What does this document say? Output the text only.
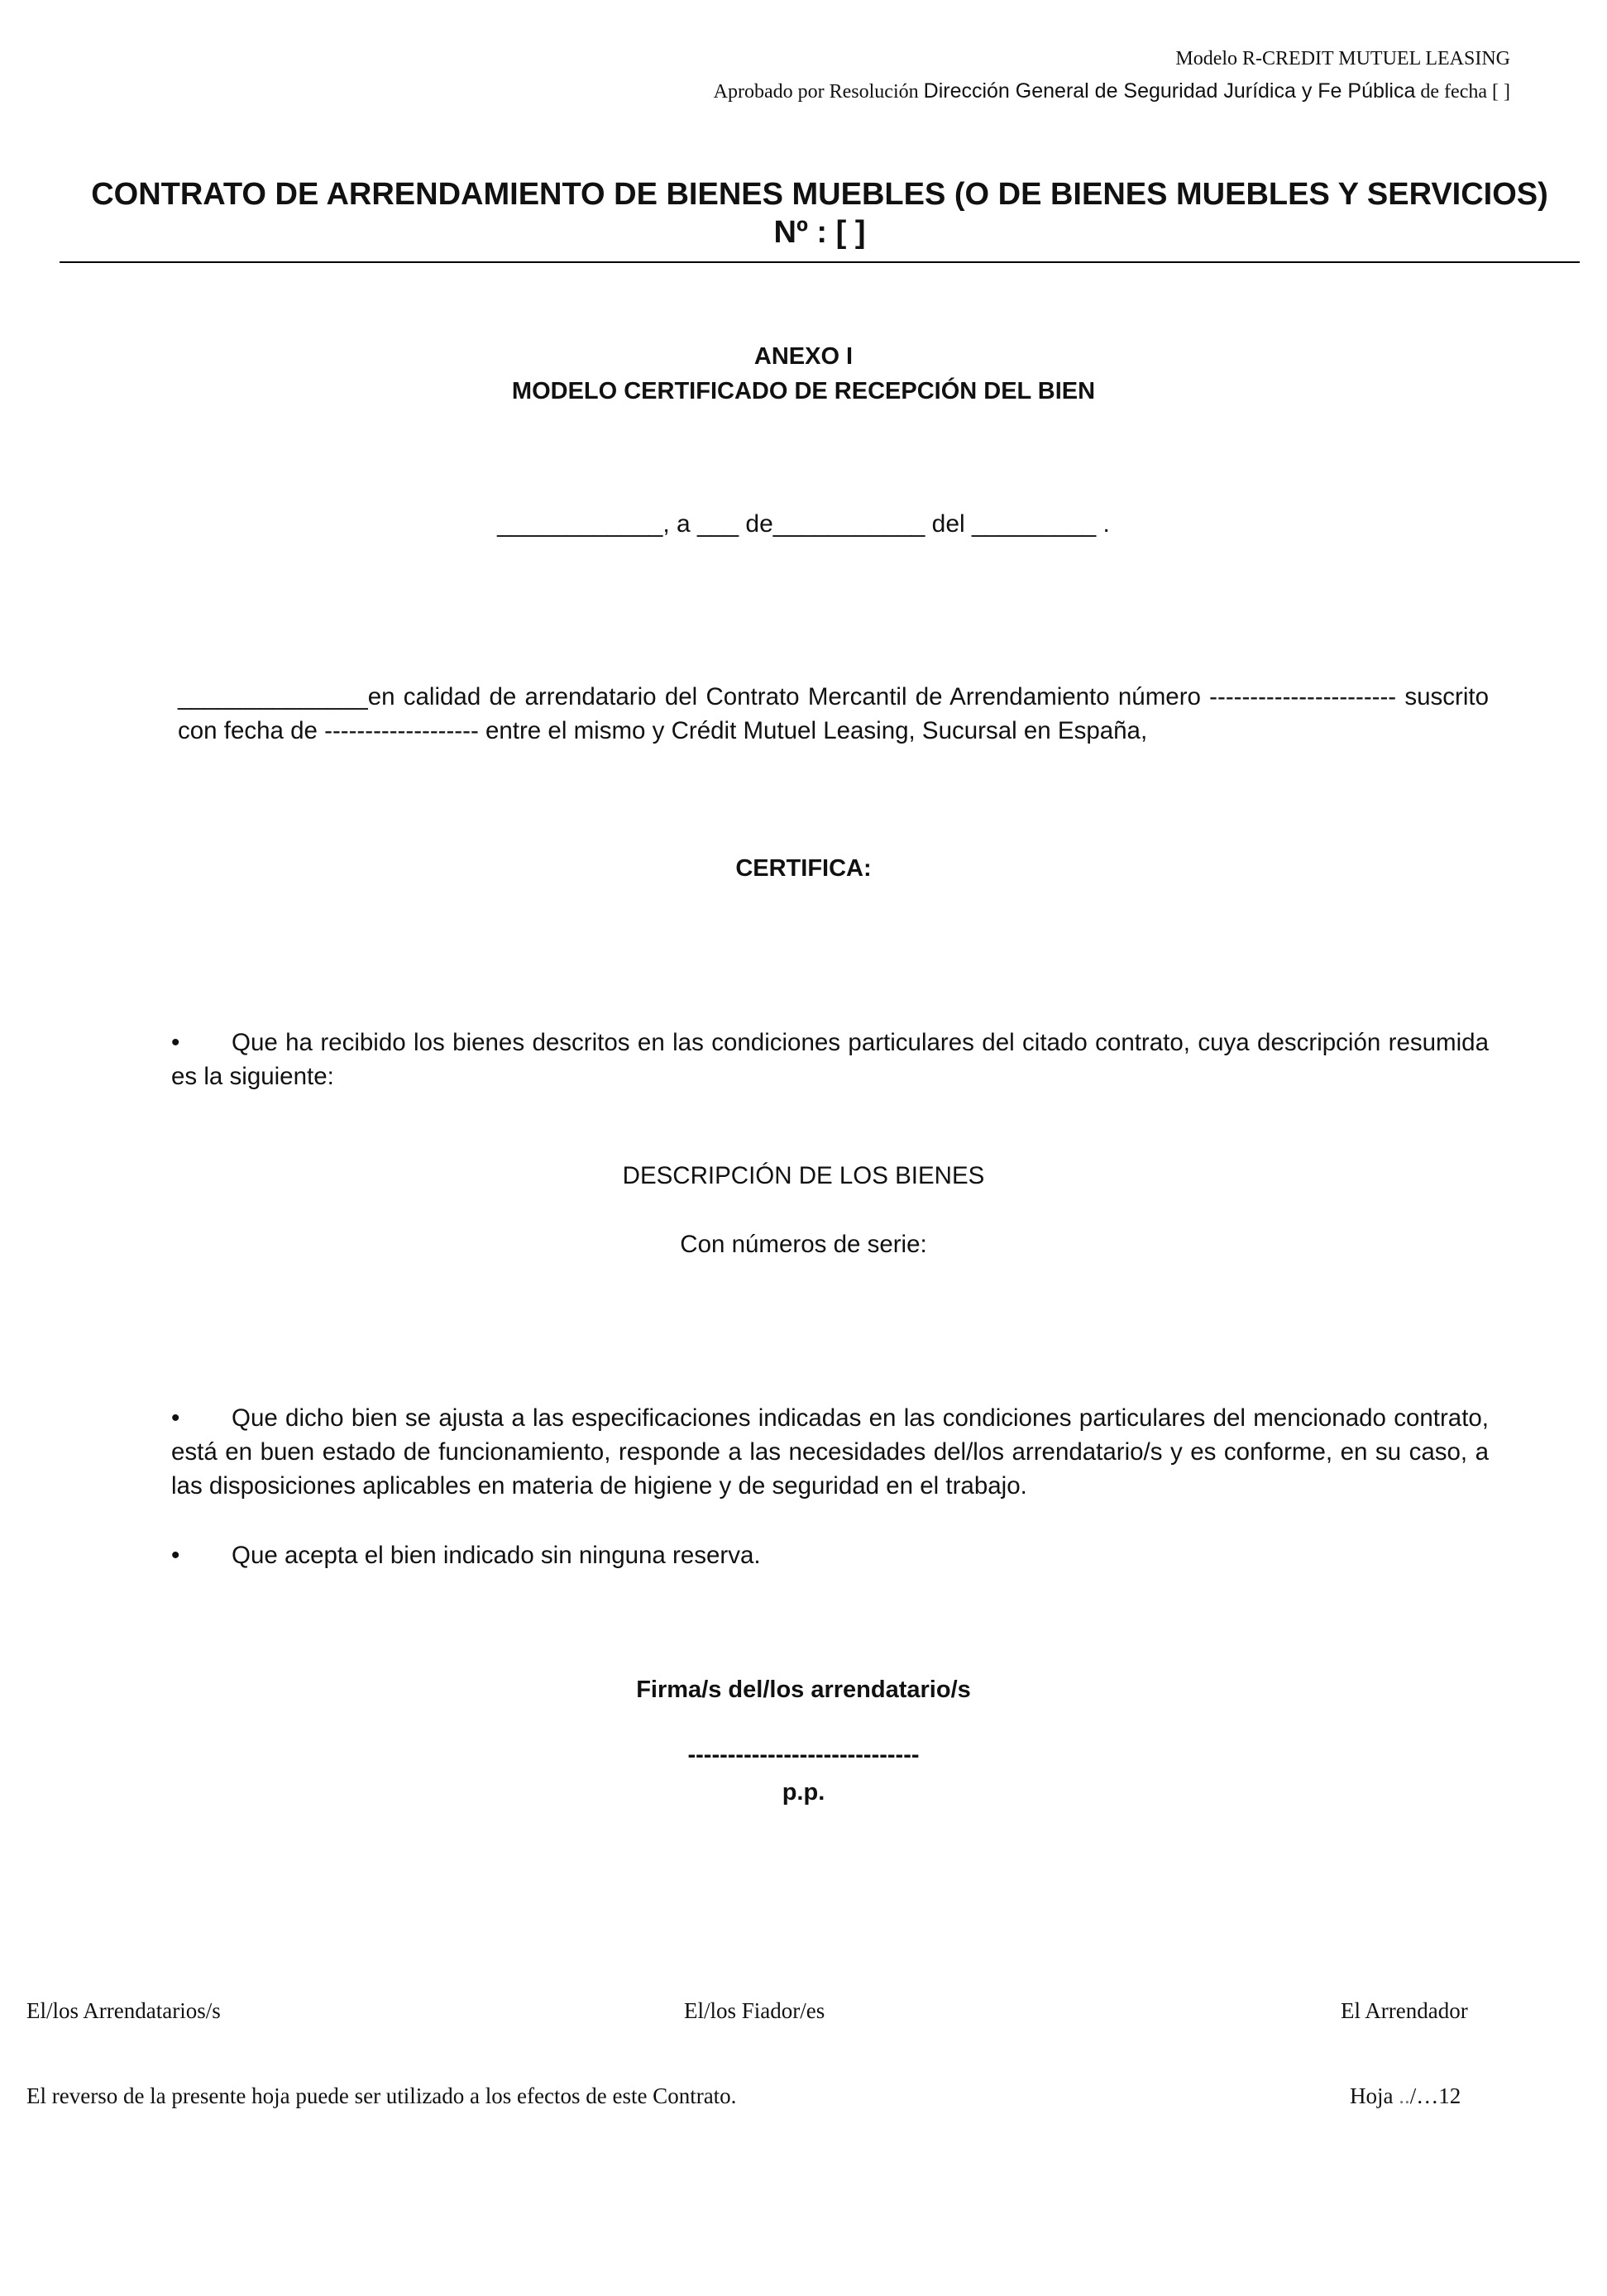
Modelo R-CREDIT MUTUEL LEASING
Aprobado por Resolución Dirección General de Seguridad Jurídica y Fe Pública de fecha [ ]
CONTRATO DE ARRENDAMIENTO DE BIENES MUEBLES (O DE BIENES MUEBLES Y SERVICIOS)
Nº : [ ]
ANEXO I
MODELO CERTIFICADO DE RECEPCIÓN DEL BIEN
____________, a ___ de___________ del _________ .
______________en calidad de arrendatario del Contrato Mercantil de Arrendamiento número ----------------------- suscrito con fecha de ------------------- entre el mismo y Crédit Mutuel Leasing, Sucursal en España,
CERTIFICA:
• Que ha recibido los bienes descritos en las condiciones particulares del citado contrato, cuya descripción resumida es la siguiente:
DESCRIPCIÓN DE LOS BIENES
Con números de serie:
• Que dicho bien se ajusta a las especificaciones indicadas en las condiciones particulares del mencionado contrato, está en buen estado de funcionamiento, responde a las necesidades del/los arrendatario/s y es conforme, en su caso, a las disposiciones aplicables en materia de higiene y de seguridad en el trabajo.
• Que acepta el bien indicado sin ninguna reserva.
Firma/s del/los arrendatario/s
-----------------------------
p.p.
El/los Arrendatarios/s	El/los Fiador/es	El Arrendador
El reverso de la presente hoja puede ser utilizado a los efectos de este Contrato.	Hoja ../…12
